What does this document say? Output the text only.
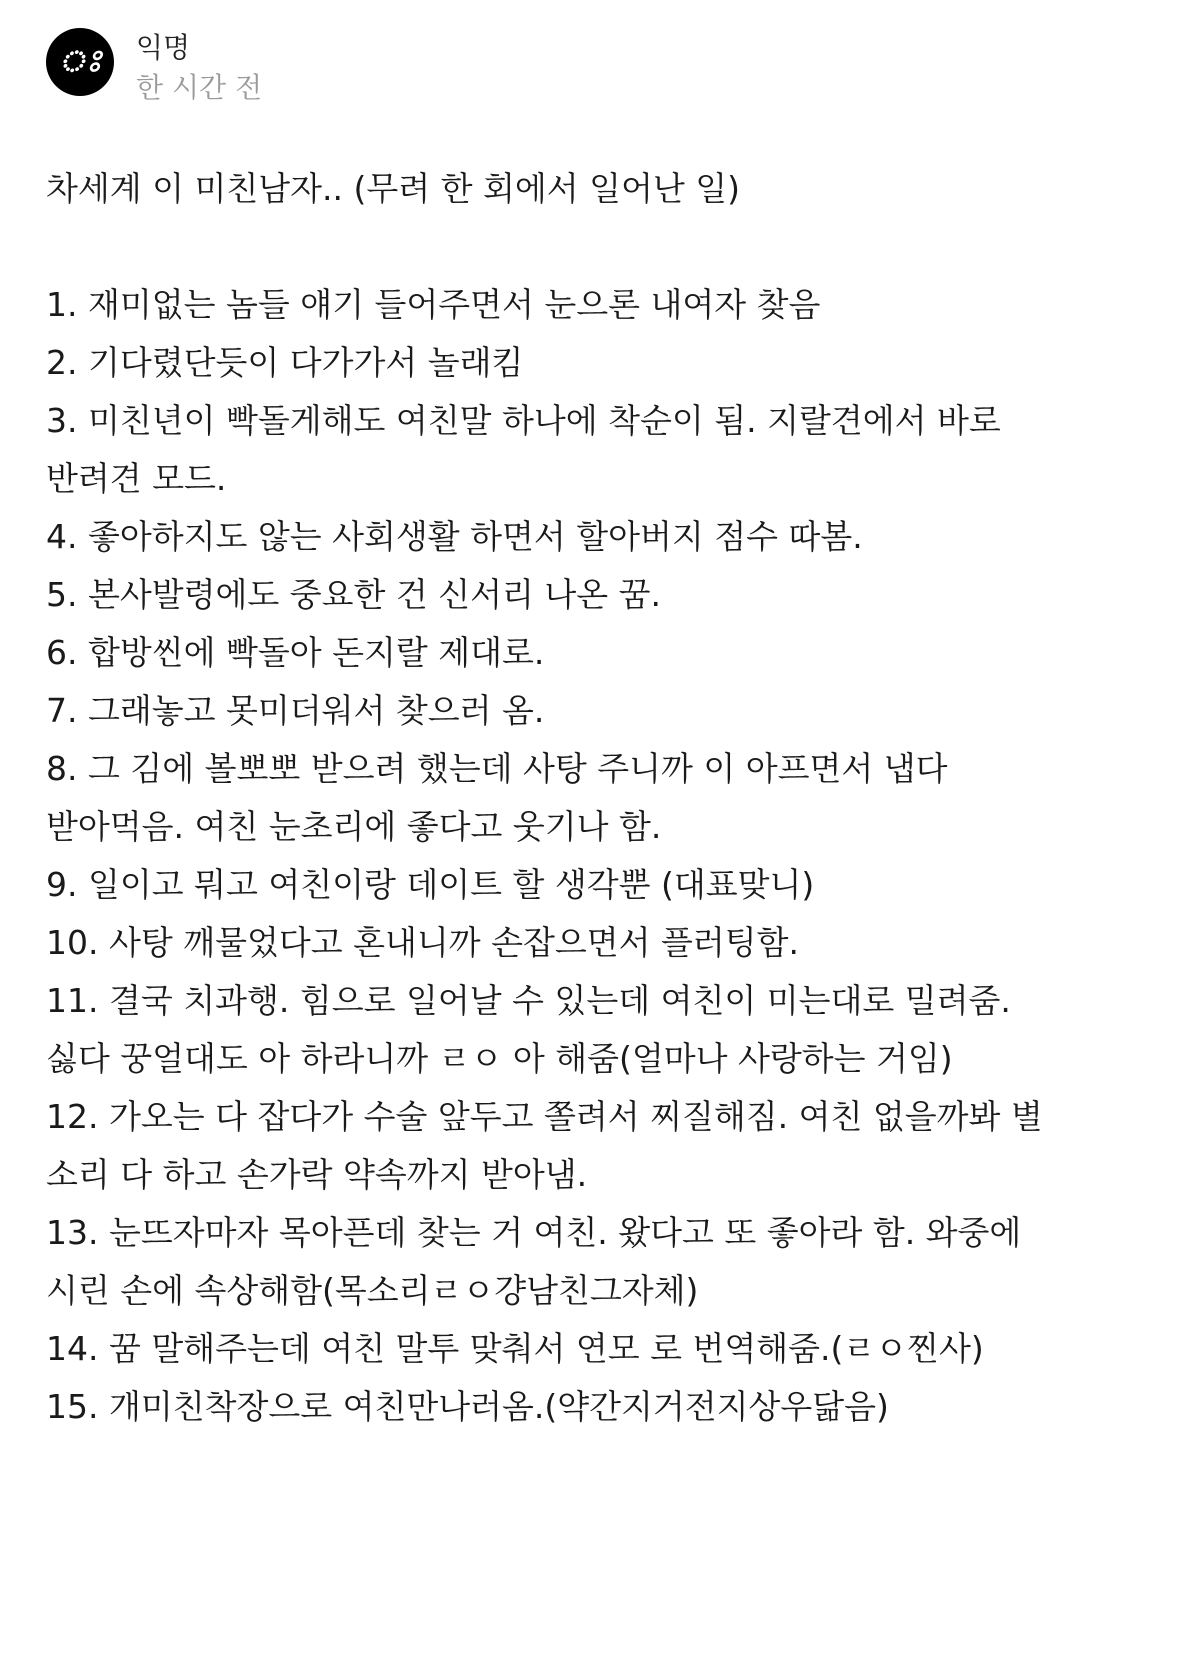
ঃ 익명
한 시간 전
차세계 이 미친남자.. (무려 한 회에서 일어난 일)
1. 재미없는 놈들 얘기 들어주면서 눈으론 내여자 찾음
2. 기다렸단듯이 다가가서 놀래킴
3. 미친년이 빡돌게해도 여친말 하나에 착순이 됨. 지랄견에서 바로 반려견 모드.
4. 좋아하지도 않는 사회생활 하면서 할아버지 점수 따봄.
5. 본사발령에도 중요한 건 신서리 나온 꿈.
6. 합방씬에 빡돌아 돈지랄 제대로.
7. 그래놓고 못미더워서 찾으러 옴.
8. 그 김에 볼뽀뽀 받으려 했는데 사탕 주니까 이 아프면서 냅다 받아먹음. 여친 눈초리에 좋다고 웃기나 함.
9. 일이고 뭐고 여친이랑 데이트 할 생각뿐 (대표맞니)
10. 사탕 깨물었다고 혼내니까 손잡으면서 플러팅함.
11. 결국 치과행. 힘으로 일어날 수 있는데 여친이 미는대로 밀려줌. 싫다 꿍얼대도 아 하라니까 ㄹㅇ 아 해줌(얼마나 사랑하는 거임)
12. 가오는 다 잡다가 수술 앞두고 쫄려서 찌질해짐. 여친 없을까봐 별 소리 다 하고 손가락 약속까지 받아냄.
13. 눈뜨자마자 목아픈데 찾는 거 여친. 왔다고 또 좋아라 함. 와중에 시린 손에 속상해함(목소리ㄹㅇ걍남친그자체)
14. 꿈 말해주는데 여친 말투 맞춰서 연모 로 번역해줌.(ㄹㅇ찐사)
15. 개미친착장으로 여친만나러옴.(약간지거전지상우닮음)
